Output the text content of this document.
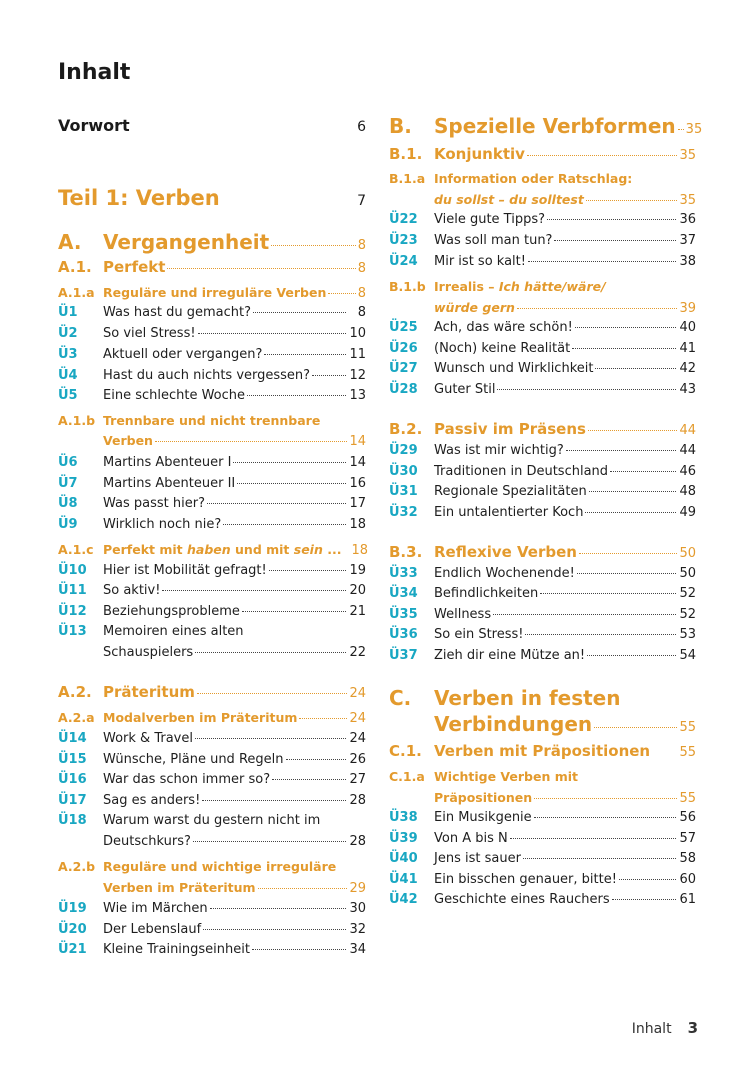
Inhalt
Vorwort	6
Teil 1: Verben	7
A.	Vergangenheit	8
A.1. Perfekt	8
A.1.a Reguläre und irreguläre Verben 8
Ü1	Was hast du gemacht?	8
Ü2	So viel Stress!	10
Ü3	Aktuell oder vergangen?	11
Ü4	Hast du auch nichts vergessen?	12
Ü5	Eine schlechte Woche	13
A.1.b Trennbare und nicht trennbare
Verben	14
Ü6	Martins Abenteuer I	14
Ü7	Martins Abenteuer II	16
Ü8	Was passt hier?	17
Ü9	Wirklich noch nie?	18
A.1.c Perfekt mit haben und mit sein ... 18
Ü10	Hier ist Mobilität gefragt!	19
Ü11	So aktiv!	20
Ü12	Beziehungsprobleme	21
Ü13	Memoiren eines alten
Schauspielers	22
A.2. Präteritum	24
A.2.a Modalverben im Präteritum	24
Ü14	Work & Travel	24
Ü15	Wünsche, Pläne und Regeln	26
Ü16	War das schon immer so?	27
Ü17	Sag es anders!	28
Ü18	Warum warst du gestern nicht im
Deutschkurs?	28
A.2.b Reguläre und wichtige irreguläre
Verben im Präteritum	29
Ü19	Wie im Märchen	30
Ü20	Der Lebenslauf	32
Ü21	Kleine Trainingseinheit	34
B.	Spezielle Verbformen 35
B.1. Konjunktiv	35
B.1.a Information oder Ratschlag:
du sollst – du solltest	35
Ü22	Viele gute Tipps?	36
Ü23	Was soll man tun?	37
Ü24	Mir ist so kalt!	38
B.1.b Irrealis – Ich hätte/wäre/
würde gern	39
Ü25	Ach, das wäre schön!	40
Ü26	(Noch) keine Realität	41
Ü27	Wunsch und Wirklichkeit	42
Ü28	Guter Stil	43
B.2. Passiv im Präsens	44
Ü29	Was ist mir wichtig?	44
Ü30	Traditionen in Deutschland	46
Ü31	Regionale Spezialitäten	48
Ü32	Ein untalentierter Koch	49
B.3. Reflexive Verben	50
Ü33	Endlich Wochenende!	50
Ü34	Befindlichkeiten	52
Ü35	Wellness	52
Ü36	So ein Stress!	53
Ü37	Zieh dir eine Mütze an!	54
C.	Verben in festen
Verbindungen	55
C.1. Verben mit Präpositionen 55
C.1.a Wichtige Verben mit
Präpositionen	55
Ü38	Ein Musikgenie	56
Ü39	Von A bis N	57
Ü40	Jens ist sauer	58
Ü41	Ein bisschen genauer, bitte!	60
Ü42	Geschichte eines Rauchers	61
Inhalt 3
